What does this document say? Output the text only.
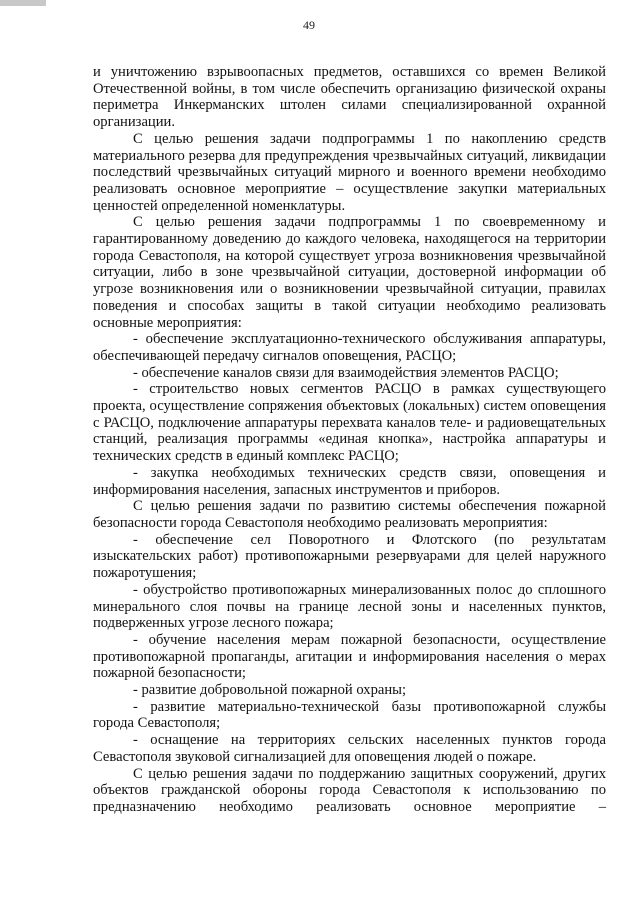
49

и уничтожению взрывоопасных предметов, оставшихся со времен Великой Отечественной войны, в том числе обеспечить организацию физической охраны периметра Инкерманских штолен силами специализированной охранной организации.

С целью решения задачи подпрограммы 1 по накоплению средств материального резерва для предупреждения чрезвычайных ситуаций, ликвидации последствий чрезвычайных ситуаций мирного и военного времени необходимо реализовать основное мероприятие – осуществление закупки материальных ценностей определенной номенклатуры.

С целью решения задачи подпрограммы 1 по своевременному и гарантированному доведению до каждого человека, находящегося на территории города Севастополя, на которой существует угроза возникновения чрезвычайной ситуации, либо в зоне чрезвычайной ситуации, достоверной информации об угрозе возникновения или о возникновении чрезвычайной ситуации, правилах поведения и способах защиты в такой ситуации необходимо реализовать основные мероприятия:

- обеспечение эксплуатационно-технического обслуживания аппаратуры, обеспечивающей передачу сигналов оповещения, РАСЦО;

- обеспечение каналов связи для взаимодействия элементов РАСЦО;

- строительство новых сегментов РАСЦО в рамках существующего проекта, осуществление сопряжения объектовых (локальных) систем оповещения с РАСЦО, подключение аппаратуры перехвата каналов теле- и радиовещательных станций, реализация программы «единая кнопка», настройка аппаратуры и технических средств в единый комплекс РАСЦО;

- закупка необходимых технических средств связи, оповещения и информирования населения, запасных инструментов и приборов.

С целью решения задачи по развитию системы обеспечения пожарной безопасности города Севастополя необходимо реализовать мероприятия:

- обеспечение сел Поворотного и Флотского (по результатам изыскательских работ) противопожарными резервуарами для целей наружного пожаротушения;

- обустройство противопожарных минерализованных полос до сплошного минерального слоя почвы на границе лесной зоны и населенных пунктов, подверженных угрозе лесного пожара;

- обучение населения мерам пожарной безопасности, осуществление противопожарной пропаганды, агитации и информирования населения о мерах пожарной безопасности;

- развитие добровольной пожарной охраны;

- развитие материально-технической базы противопожарной службы города Севастополя;

- оснащение на территориях сельских населенных пунктов города Севастополя звуковой сигнализацией для оповещения людей о пожаре.

С целью решения задачи по поддержанию защитных сооружений, других объектов гражданской обороны города Севастополя к использованию по предназначению необходимо реализовать основное мероприятие –
